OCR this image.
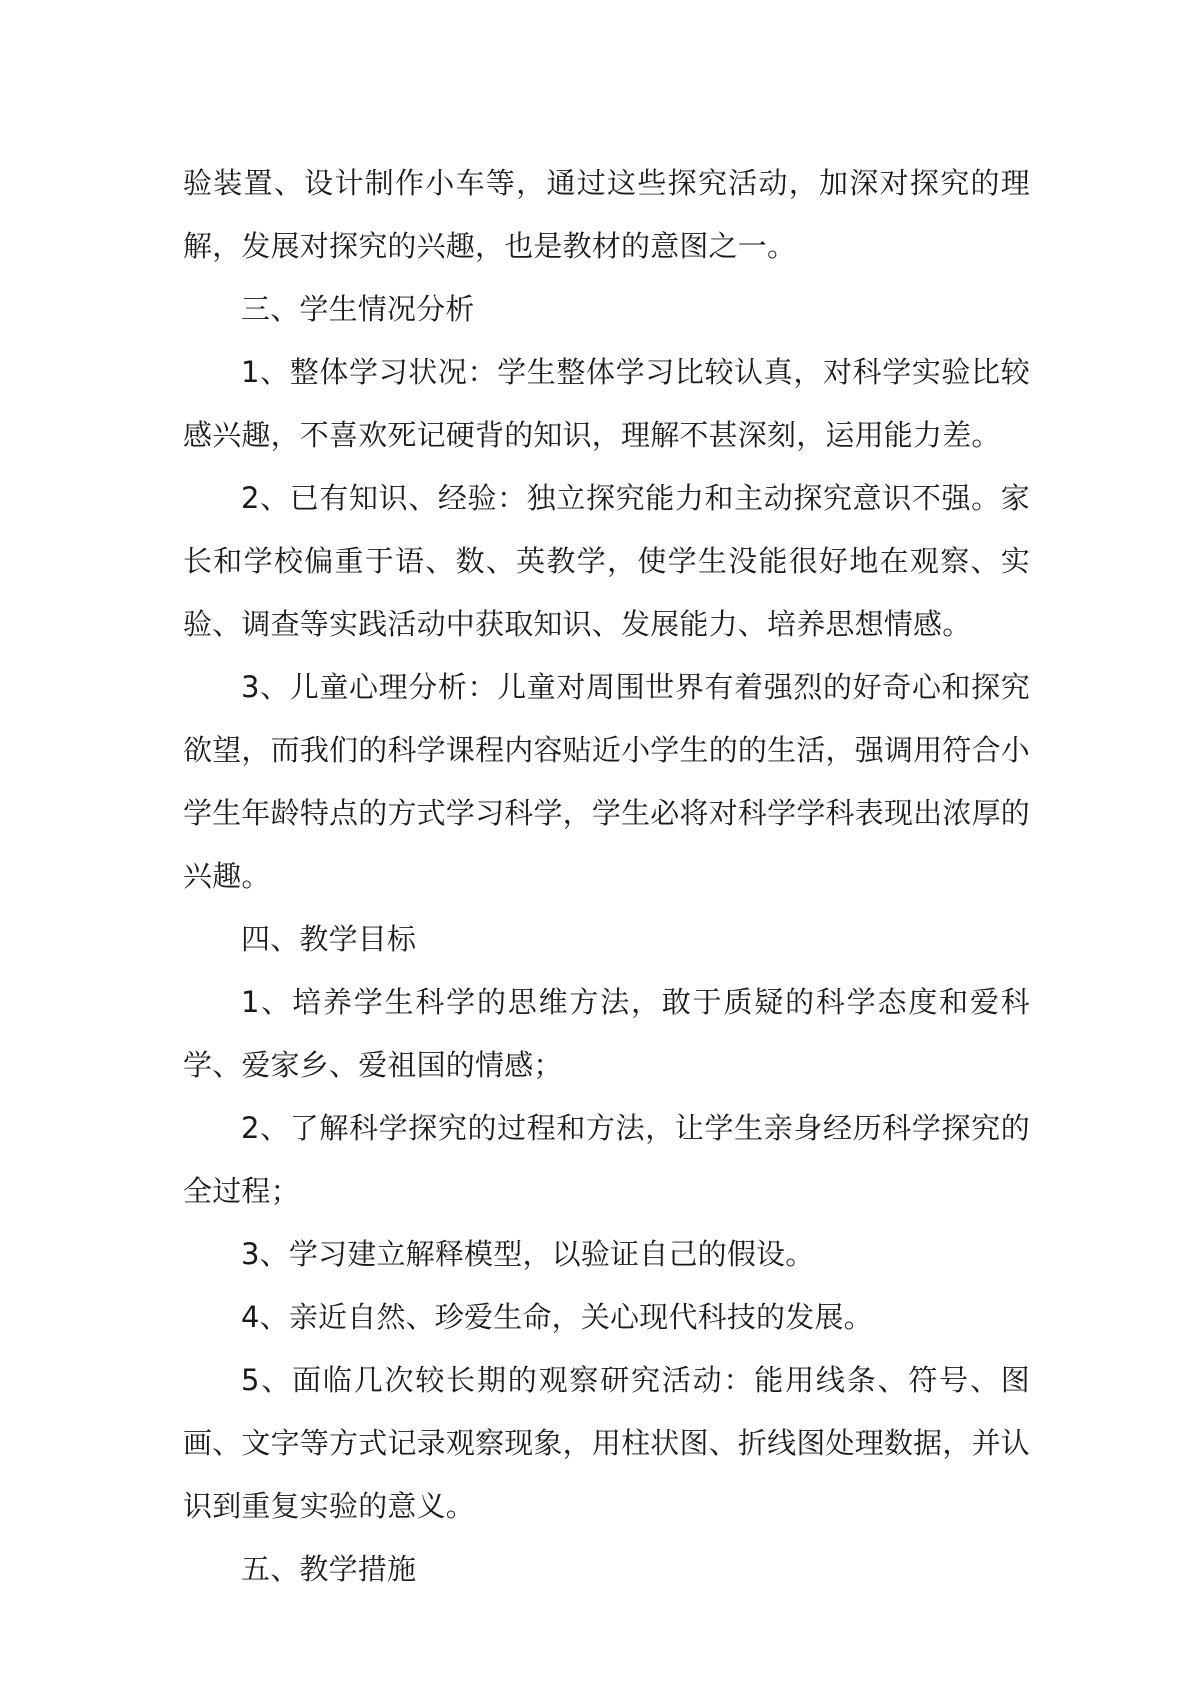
验装置、设计制作小车等，通过这些探究活动，加深对探究的理解，发展对探究的兴趣，也是教材的意图之一。

三、学生情况分析

1、整体学习状况：学生整体学习比较认真，对科学实验比较感兴趣，不喜欢死记硬背的知识，理解不甚深刻，运用能力差。

2、已有知识、经验：独立探究能力和主动探究意识不强。家长和学校偏重于语、数、英教学，使学生没能很好地在观察、实验、调查等实践活动中获取知识、发展能力、培养思想情感。

3、儿童心理分析：儿童对周围世界有着强烈的好奇心和探究欲望，而我们的科学课程内容贴近小学生的的生活，强调用符合小学生年龄特点的方式学习科学，学生必将对科学学科表现出浓厚的兴趣。

四、教学目标

1、培养学生科学的思维方法，敢于质疑的科学态度和爱科学、爱家乡、爱祖国的情感；

2、了解科学探究的过程和方法，让学生亲身经历科学探究的全过程；

3、学习建立解释模型，以验证自己的假设。

4、亲近自然、珍爱生命，关心现代科技的发展。

5、面临几次较长期的观察研究活动：能用线条、符号、图画、文字等方式记录观察现象，用柱状图、折线图处理数据，并认识到重复实验的意义。

五、教学措施
